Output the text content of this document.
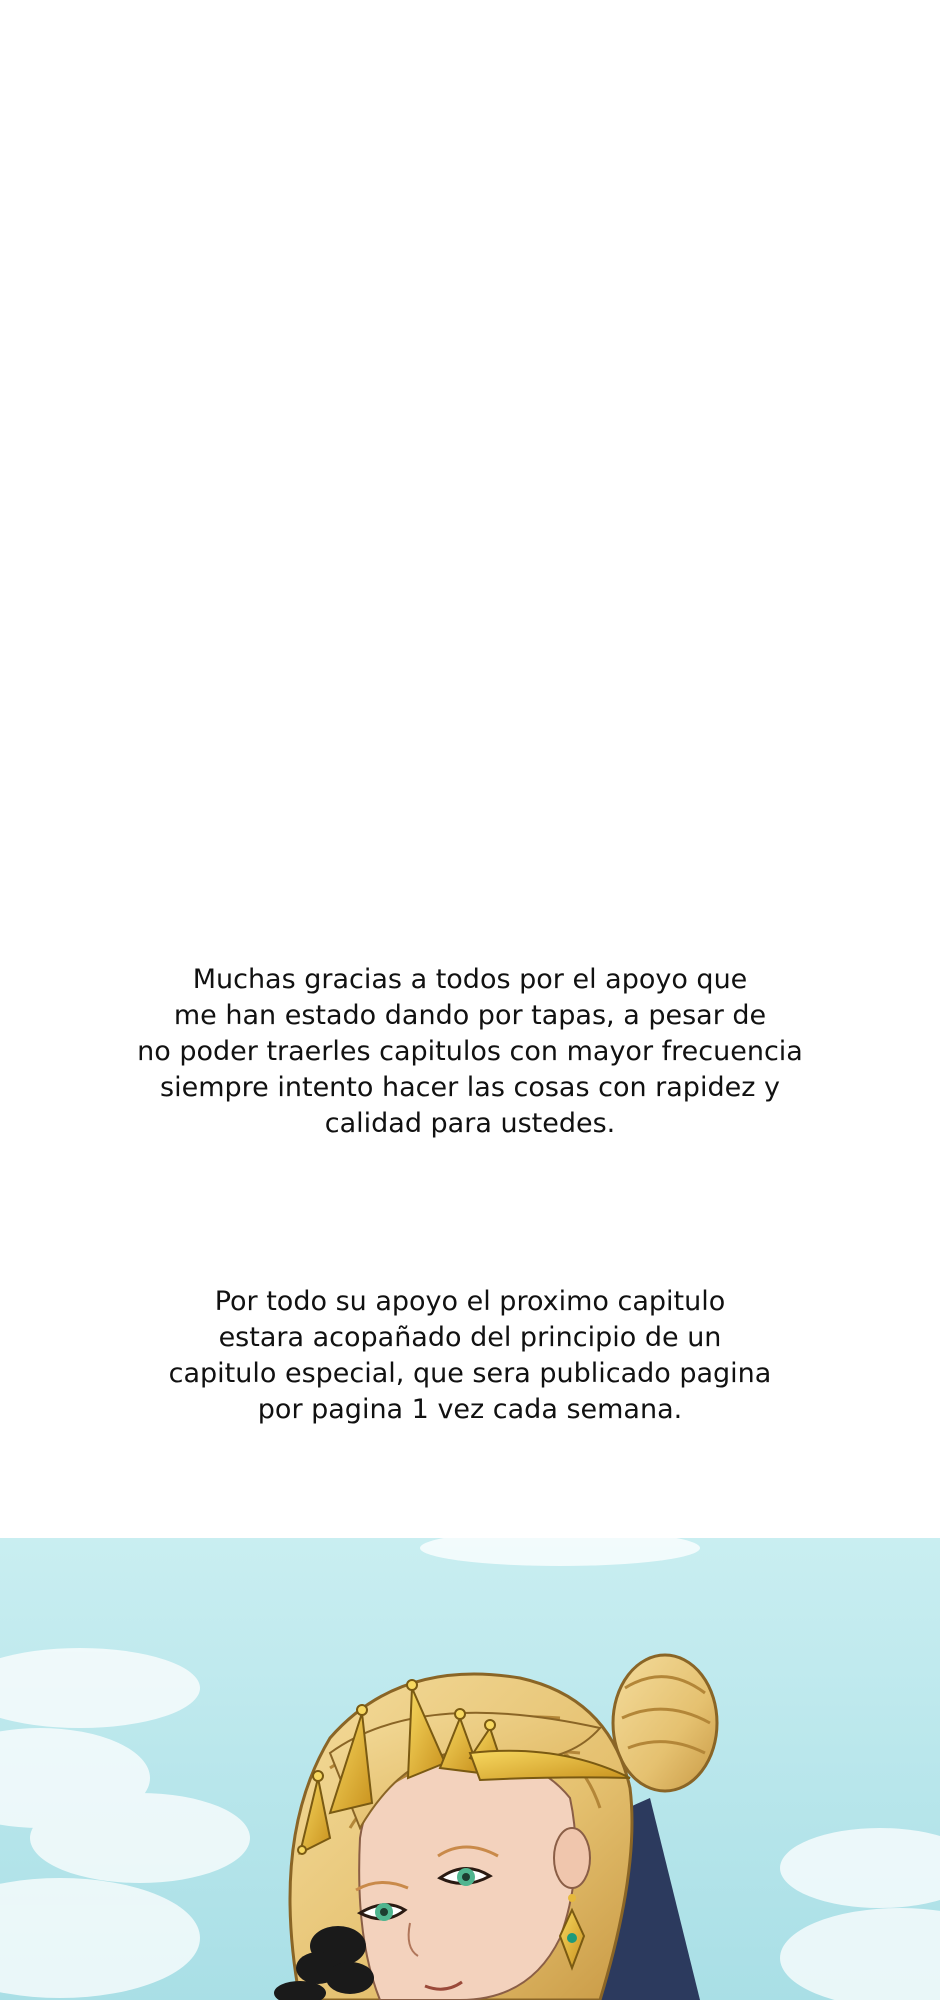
Muchas gracias a todos por el apoyo que
me han estado dando por tapas, a pesar de
no poder traerles capitulos con mayor frecuencia
siempre intento hacer las cosas con rapidez y
calidad para ustedes.
Por todo su apoyo el proximo capitulo
estara acopañado del principio de un
capitulo especial, que sera publicado pagina
por pagina 1 vez cada semana.
